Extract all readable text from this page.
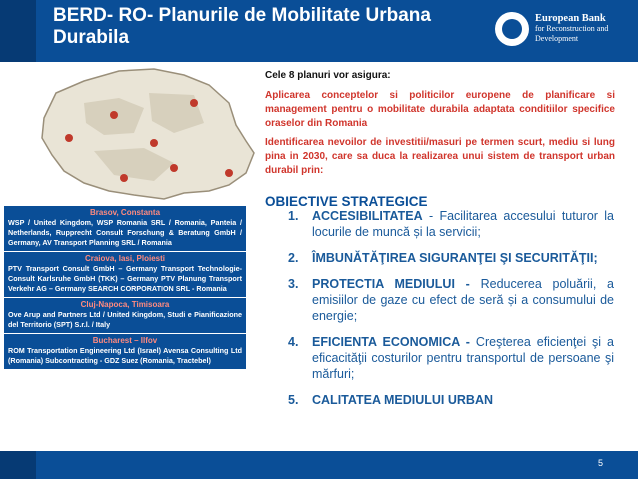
BERD- RO- Planurile de Mobilitate Urbana Durabila
European Bank
for Reconstruction and Development
Cele 8 planuri vor asigura:
Aplicarea conceptelor si politicilor europene de planificare si management pentru o mobilitate durabila adaptata conditiilor specifice oraselor din Romania
Identificarea nevoilor de investitii/masuri pe termen scurt, mediu si lung pina in 2030, care sa duca la realizarea unui sistem de transport urban durabil prin:
OBIECTIVE STRATEGICE
1. ACCESIBILITATEA - Facilitarea accesului tuturor la locurile de muncă și la servicii;
2. ÎMBUNĂTĂŢIREA SIGURANŢEI ŞI SECURITĂŢII;
3. PROTECTIA MEDIULUI - Reducerea poluării, a emisiilor de gaze cu efect de seră și a consumului de energie;
4. EFICIENTA ECONOMICA - Creşterea eficienţei şi a eficacităţii costurilor pentru transportul de persoane şi mărfuri;
5. CALITATEA MEDIULUI URBAN
Brasov, Constanta
WSP / United Kingdom, WSP Romania SRL / Romania, Panteia / Netherlands, Rupprecht Consult Forschung & Beratung GmbH / Germany, AV Transport Planning SRL / Romania
Craiova, Iasi, Ploiesti
PTV Transport Consult GmbH – Germany Transport Technologie-Consult Karlsruhe GmbH (TKK) – Germany PTV Planung Transport Verkehr AG – Germany SEARCH CORPORATION SRL - Romania
Cluj-Napoca, Timisoara
Ove Arup and Partners Ltd / United Kingdom, Studi e Pianificazione del Territorio (SPT) S.r.l. / Italy
Bucharest – Ilfov
ROM Transportation Engineering Ltd (Israel) Avensa Consulting Ltd (Romania) Subcontracting - GDZ Suez (Romania, Tractebel)
5
